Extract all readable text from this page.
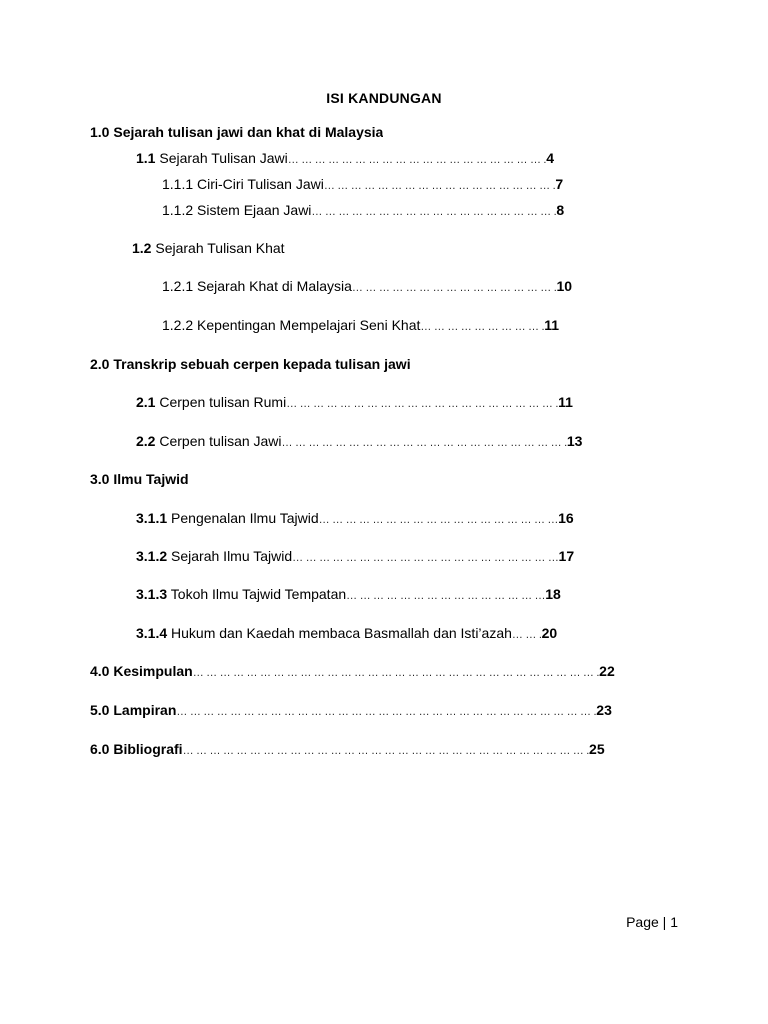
ISI KANDUNGAN
1.0 Sejarah tulisan jawi dan khat di Malaysia
1.1 Sejarah Tulisan Jawi… … … … … … … … … … … … … … … … … … … .4
1.1.1 Ciri-Ciri Tulisan Jawi… … … … … … … … … … … … … … … … … .7
1.1.2 Sistem Ejaan Jawi… … … … … … … … … … … … … … … … … … .8
1.2 Sejarah Tulisan Khat
1.2.1 Sejarah Khat di Malaysia… … … … … … … … … … … … … … … .10
1.2.2 Kepentingan Mempelajari Seni Khat… … … … … … … … … .11
2.0 Transkrip sebuah cerpen kepada tulisan jawi
2.1 Cerpen tulisan Rumi… … … … … … … … … … … … … … … … … … … … .11
2.2 Cerpen tulisan Jawi… … … … … … … … … … … … … … … … … … … … … .13
3.0 Ilmu Tajwid
3.1.1 Pengenalan Ilmu Tajwid… … … … … … … … … … … … … … … … … …16
3.1.2 Sejarah Ilmu Tajwid… … … … … … … … … … … … … … … … … … … …17
3.1.3 Tokoh Ilmu Tajwid Tempatan… … … … … … … … … … … … … … …18
3.1.4 Hukum dan Kaedah membaca Basmallah dan Isti’azah… … .20
4.0 Kesimpulan… … … … … … … … … … … … … … … … … … … … … … … … … … … … … … .22
5.0 Lampiran… … … … … … … … … … … … … … … … … … … … … … … … … … … … … … … .23
6.0 Bibliografi… … … … … … … … … … … … … … … … … … … … … … … … … … … … … … .25
Page | 1
